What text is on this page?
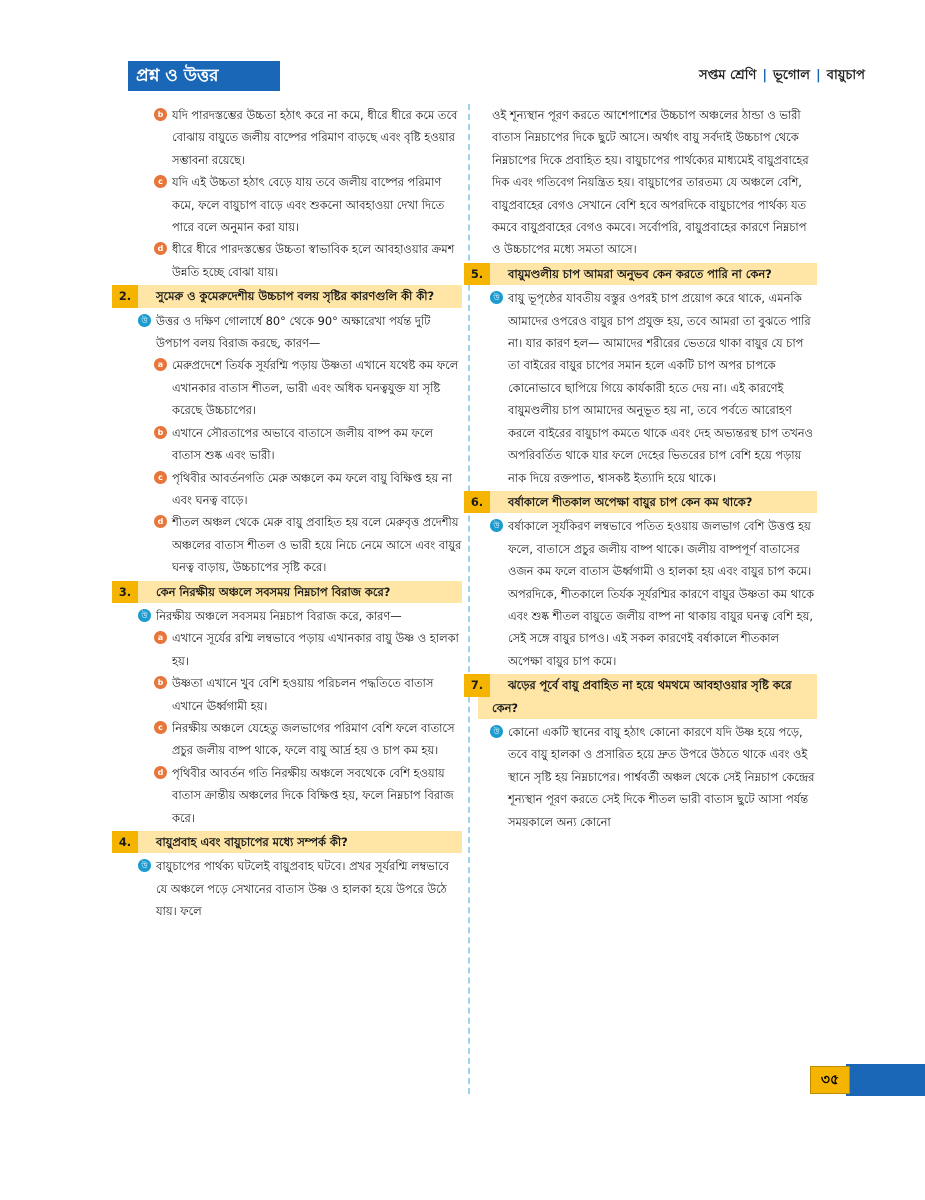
প্রশ্ন ও উত্তর	সপ্তম শ্রেণি | ভূগোল | বায়ুচাপ
b যদি পারদস্তম্ভের উচ্চতা হঠাৎ করে না কমে, ধীরে ধীরে কমে তবে বোঝায় বায়ুতে জলীয় বাষ্পের পরিমাণ বাড়ছে এবং বৃষ্টি হওয়ার সম্ভাবনা রয়েছে।
c যদি এই উচ্চতা হঠাৎ বেড়ে যায় তবে জলীয় বাষ্পের পরিমাণ কমে, ফলে বায়ুচাপ বাড়ে এবং শুকনো আবহাওয়া দেখা দিতে পারে বলে অনুমান করা যায়।
d ধীরে ধীরে পারদস্তম্ভের উচ্চতা স্বাভাবিক হলে আবহাওয়ার ক্রমশ উন্নতি হচ্ছে বোঝা যায়।
2.	সুমেরু ও কুমেরুদেশীয় উচ্চচাপ বলয় সৃষ্টির কারণগুলি কী কী?
উ উত্তর ও দক্ষিণ গোলার্ধে 80° থেকে 90° অক্ষারেখা পর্যন্ত দুটি উপচাপ বলয় বিরাজ করছে, কারণ—
a মেরুপ্রদেশে তির্যক সূর্যরশ্মি পড়ায় উষ্ণতা এখানে যথেষ্ট কম ফলে এখানকার বাতাস শীতল, ভারী এবং অধিক ঘনত্বযুক্ত যা সৃষ্টি করেছে উচ্চচাপের।
b এখানে সৌরতাপের অভাবে বাতাসে জলীয় বাষ্প কম ফলে বাতাস শুষ্ক এবং ভারী।
c পৃথিবীর আবর্তনগতি মেরু অঞ্চলে কম ফলে বায়ু বিক্ষিপ্ত হয় না এবং ঘনত্ব বাড়ে।
d শীতল অঞ্চল থেকে মেরু বায়ু প্রবাহিত হয় বলে মেরুবৃত্ত প্রদেশীয় অঞ্চলের বাতাস শীতল ও ভারী হয়ে নিচে নেমে আসে এবং বায়ুর ঘনত্ব বাড়ায়, উচ্চচাপের সৃষ্টি করে।
3.	কেন নিরক্ষীয় অঞ্চলে সবসময় নিম্নচাপ বিরাজ করে?
উ নিরক্ষীয় অঞ্চলে সবসময় নিম্নচাপ বিরাজ করে, কারণ—
a এখানে সূর্যের রশ্মি লম্বভাবে পড়ায় এখানকার বায়ু উষ্ণ ও হালকা হয়।
b উষ্ণতা এখানে খুব বেশি হওয়ায় পরিচলন পদ্ধতিতে বাতাস এখানে ঊর্ধ্বগামী হয়।
c নিরক্ষীয় অঞ্চলে যেহেতু জলভাগের পরিমাণ বেশি ফলে বাতাসে প্রচুর জলীয় বাষ্প থাকে, ফলে বায়ু আর্দ্র হয় ও চাপ কম হয়।
d পৃথিবীর আবর্তন গতি নিরক্ষীয় অঞ্চলে সবথেকে বেশি হওয়ায় বাতাস ক্রান্তীয় অঞ্চলের দিকে বিক্ষিপ্ত হয়, ফলে নিম্নচাপ বিরাজ করে।
4.	বায়ুপ্রবাহ এবং বায়ুচাপের মধ্যে সম্পর্ক কী?
উ বায়ুচাপের পার্থক্য ঘটলেই বায়ুপ্রবাহ ঘটবে। প্রখর সূর্যরশ্মি লম্বভাবে যে অঞ্চলে পড়ে সেখানের বাতাস উষ্ণ ও হালকা হয়ে উপরে উঠে যায়। ফলে
ওই শূন্যস্থান পূরণ করতে আশেপাশের উচ্চচাপ অঞ্চলের ঠান্ডা ও ভারী বাতাস নিম্নচাপের দিকে ছুটে আসে। অর্থাৎ বায়ু সর্বদাই উচ্চচাপ থেকে নিম্নচাপের দিকে প্রবাহিত হয়। বায়ুচাপের পার্থক্যের মাধ্যমেই বায়ুপ্রবাহের দিক এবং গতিবেগ নিয়ন্ত্রিত হয়। বায়ুচাপের তারতম্য যে অঞ্চলে বেশি, বায়ুপ্রবাহের বেগও সেখানে বেশি হবে অপরদিকে বায়ুচাপের পার্থক্য যত কমবে বায়ুপ্রবাহের বেগও কমবে। সর্বোপরি, বায়ুপ্রবাহের কারণে নিম্নচাপ ও উচ্চচাপের মধ্যে সমতা আসে।
5.	বায়ুমণ্ডলীয় চাপ আমরা অনুভব কেন করতে পারি না কেন?
উ বায়ু ভূপৃষ্ঠের যাবতীয় বস্তুর ওপরই চাপ প্রয়োগ করে থাকে, এমনকি আমাদের ওপরেও বায়ুর চাপ প্রযুক্ত হয়, তবে আমরা তা বুঝতে পারি না। যার কারণ হল— আমাদের শরীরের ভেতরে থাকা বায়ুর যে চাপ তা বাইরের বায়ুর চাপের সমান হলে একটি চাপ অপর চাপকে কোনোভাবে ছাপিয়ে গিয়ে কার্যকারী হতে দেয় না। এই কারণেই বায়ুমণ্ডলীয় চাপ আমাদের অনুভূত হয় না, তবে পর্বতে আরোহণ করলে বাইরের বায়ুচাপ কমতে থাকে এবং দেহ অভ্যন্তরস্থ চাপ তখনও অপরিবর্তিত থাকে যার ফলে দেহের ভিতরের চাপ বেশি হয়ে পড়ায় নাক দিয়ে রক্তপাত, শ্বাসকষ্ট ইত্যাদি হয়ে থাকে।
6.	বর্ষাকালে শীতকাল অপেক্ষা বায়ুর চাপ কেন কম থাকে?
উ বর্ষাকালে সূর্যকিরণ লম্বভাবে পতিত হওয়ায় জলভাগ বেশি উত্তপ্ত হয় ফলে, বাতাসে প্রচুর জলীয় বাষ্প থাকে। জলীয় বাষ্পপূর্ণ বাতাসের ওজন কম ফলে বাতাস ঊর্ধ্বগামী ও হালকা হয় এবং বায়ুর চাপ কমে। অপরদিকে, শীতকালে তির্যক সূর্যরশ্মির কারণে বায়ুর উষ্ণতা কম থাকে এবং শুষ্ক শীতল বায়ুতে জলীয় বাষ্প না থাকায় বায়ুর ঘনত্ব বেশি হয়, সেই সঙ্গে বায়ুর চাপও। এই সকল কারণেই বর্ষাকালে শীতকাল অপেক্ষা বায়ুর চাপ কমে।
7.	ঝড়ের পূর্বে বায়ু প্রবাহিত না হয়ে থমথমে আবহাওয়ার সৃষ্টি করে কেন?
উ কোনো একটি স্থানের বায়ু হঠাৎ কোনো কারণে যদি উষ্ণ হয়ে পড়ে, তবে বায়ু হালকা ও প্রসারিত হয়ে দ্রুত উপরে উঠতে থাকে এবং ওই স্থানে সৃষ্টি হয় নিম্নচাপের। পার্শ্ববর্তী অঞ্চল থেকে সেই নিম্নচাপ কেন্দ্রের শূন্যস্থান পূরণ করতে সেই দিকে শীতল ভারী বাতাস ছুটে আসা পর্যন্ত সময়কালে অন্য কোনো
৩৫
